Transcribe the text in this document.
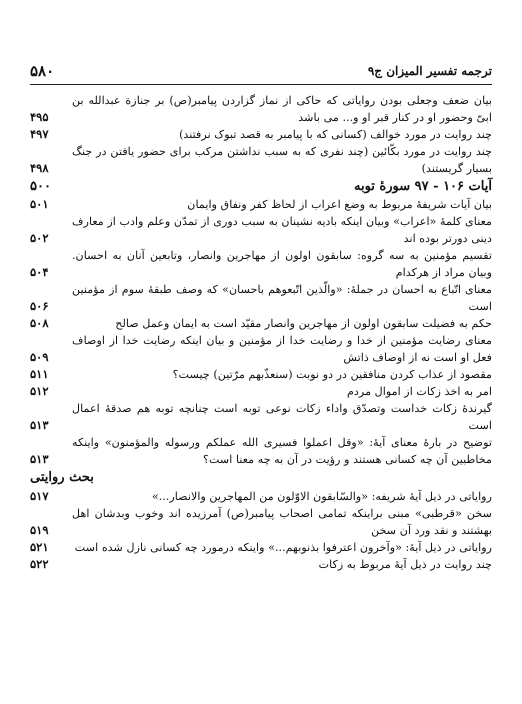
۵۸۰	ترجمه تفسیر المیزان ج۹
بیان ضعف وجعلی بودن روایاتی که حاکی از نماز گزاردن پیامبر(ص) بر جنازة عبدالله بن ابیّ وحضور او در کنار قبر او و... می باشد
۴۹۵
چند روایت در مورد خوالف (کسانی که با پیامبر به قصد تبوک نرفتند)
۴۹۷
چند روایت در مورد بکّائین (چند نفری که به سبب نداشتن مرکب برای حضور یافتن در جنگ بسیار گریستند)
۴۹۸
آیات ۱۰۶ - ۹۷ سورهٔ توبه
۵۰۰
بیان آیات شریفهٔ مربوط به وضع اعراب از لحاظ کفر ونفاق وایمان
۵۰۱
معنای کلمهٔ «اعراب» وبیان اینکه بادیه نشینان به سبب دوری از تمدّن وعلم وادب از معارف دینی دورتر بوده اند
۵۰۲
تقسیم مؤمنین به سه گروه: سابقون اولون از مهاجرین وانصار، وتابعین آنان به احسان. وبیان مراد از هرکدام
۵۰۴
معنای اتّباع به احسان در جملهٔ: «والّذین اتّبعوهم باحسان» که وصف طبقهٔ سوم از مؤمنین است
۵۰۶
حکم به فضیلت سابقون اولون از مهاجرین وانصار مقیّد است به ایمان وعمل صالح
۵۰۸
معنای رضایت مؤمنین از خدا و رضایت خدا از مؤمنین و بیان اینکه رضایت خدا از اوصاف فعل او است نه از اوصاف ذاتش
۵۰۹
مقصود از عذاب کردن منافقین در دو نوبت (سنعذّبهم مرّتین) چیست؟
۵۱۱
امر به اخذ زکات از اموال مردم
۵۱۲
گیرندهٔ زکات خداست وتصدّق واداء زکات نوعی توبه است چنانچه توبه هم صدقهٔ اعمال است
۵۱۳
توضیح در بارهٔ معنای آیهٔ: «وقل اعملوا فسیری الله عملکم ورسوله والمؤمنون» واینکه مخاطبین آن چه کسانی هستند و رؤیت در آن به چه معنا است؟
۵۱۳
بحث روایتی
روایاتی در ذیل آیهٔ شریفه: «والسّابقون الاوّلون من المهاجرین والانصار...»
۵۱۷
سخن «قرطبی» مبنی براینکه تمامی اصحاب پیامبر(ص) آمرزیده اند وخوب وبدشان اهل بهشتند و نقد ورد آن سخن
۵۱۹
روایاتی در ذیل آیهٔ: «وآخرون اعترفوا بذنوبهم...» واینکه درمورد چه کسانی نازل شده است
۵۲۱
چند روایت در ذیل آیهٔ مربوط به زکات
۵۲۲
